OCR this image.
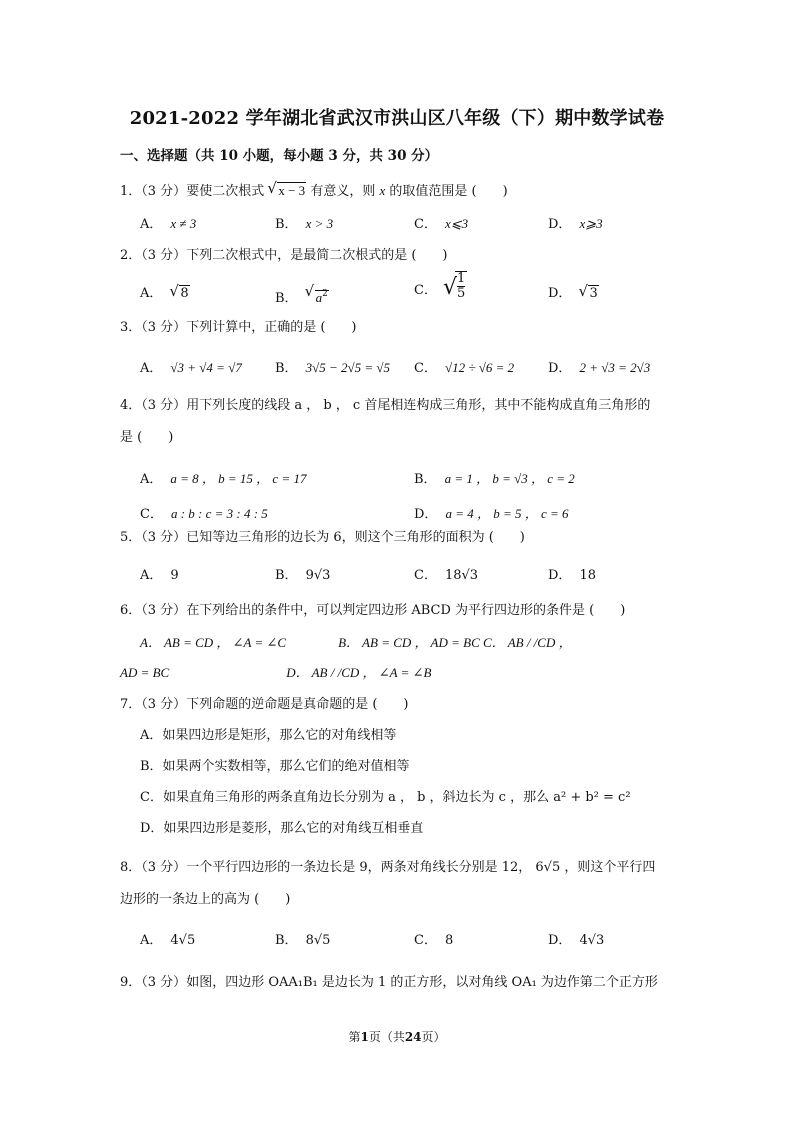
2021-2022 学年湖北省武汉市洪山区八年级（下）期中数学试卷
一、选择题（共 10 小题，每小题 3 分，共 30 分）
1．（3 分）要使二次根式 √ x − 3 有意义，则 x 的取值范围是 (　　)
A． x ≠ 3	B． x > 3	C． x⩽3	D． x⩾3
2．（3 分）下列二次根式中，是最简二次根式的是 (　　)
A． √ 8	B． √ $a^2$	C． √ $\frac{1}{5}$	D． √ 3
3．（3 分）下列计算中，正确的是 (　　)
A． √3 + √4 = √7	B． 3√5 − 2√5 = √5 C． √12 ÷ √6 = 2	D． 2 + √3 = 2√3
4．（3 分）用下列长度的线段 a ， b ， c 首尾相连构成三角形，其中不能构成直角三角形的
是 (　　)
A． a = 8 ， b = 15 ， c = 17	B． a = 1 ， b = √3 ， c = 2
C． a : b : c = 3 : 4 : 5	D． a = 4 ， b = 5 ， c = 6
5．（3 分）已知等边三角形的边长为 6，则这个三角形的面积为 (　　)
A． 9	B． 9√3	C． 18√3	D． 18
6．（3 分）在下列给出的条件中，可以判定四边形 ABCD 为平行四边形的条件是 (　　)
A． AB = CD ， ∠A = ∠C　　　　B． AB = CD ， AD = BC C． AB / /CD ，
AD = BC　　　　　　　　　D． AB / /CD ， ∠A = ∠B
7．（3 分）下列命题的逆命题是真命题的是 (　　)
A．如果四边形是矩形，那么它的对角线相等
B．如果两个实数相等，那么它们的绝对值相等
C．如果直角三角形的两条直角边长分别为 a ， b ，斜边长为 c ，那么 a² + b² = c²
D．如果四边形是菱形，那么它的对角线互相垂直
8．（3 分）一个平行四边形的一条边长是 9，两条对角线长分别是 12， 6√5 ，则这个平行四
边形的一条边上的高为 (　　)
A． 4√5	B． 8√5	C． 8	D． 4√3
9．（3 分）如图，四边形 OAA₁B₁ 是边长为 1 的正方形，以对角线 OA₁ 为边作第二个正方形
第1页（共24页）
